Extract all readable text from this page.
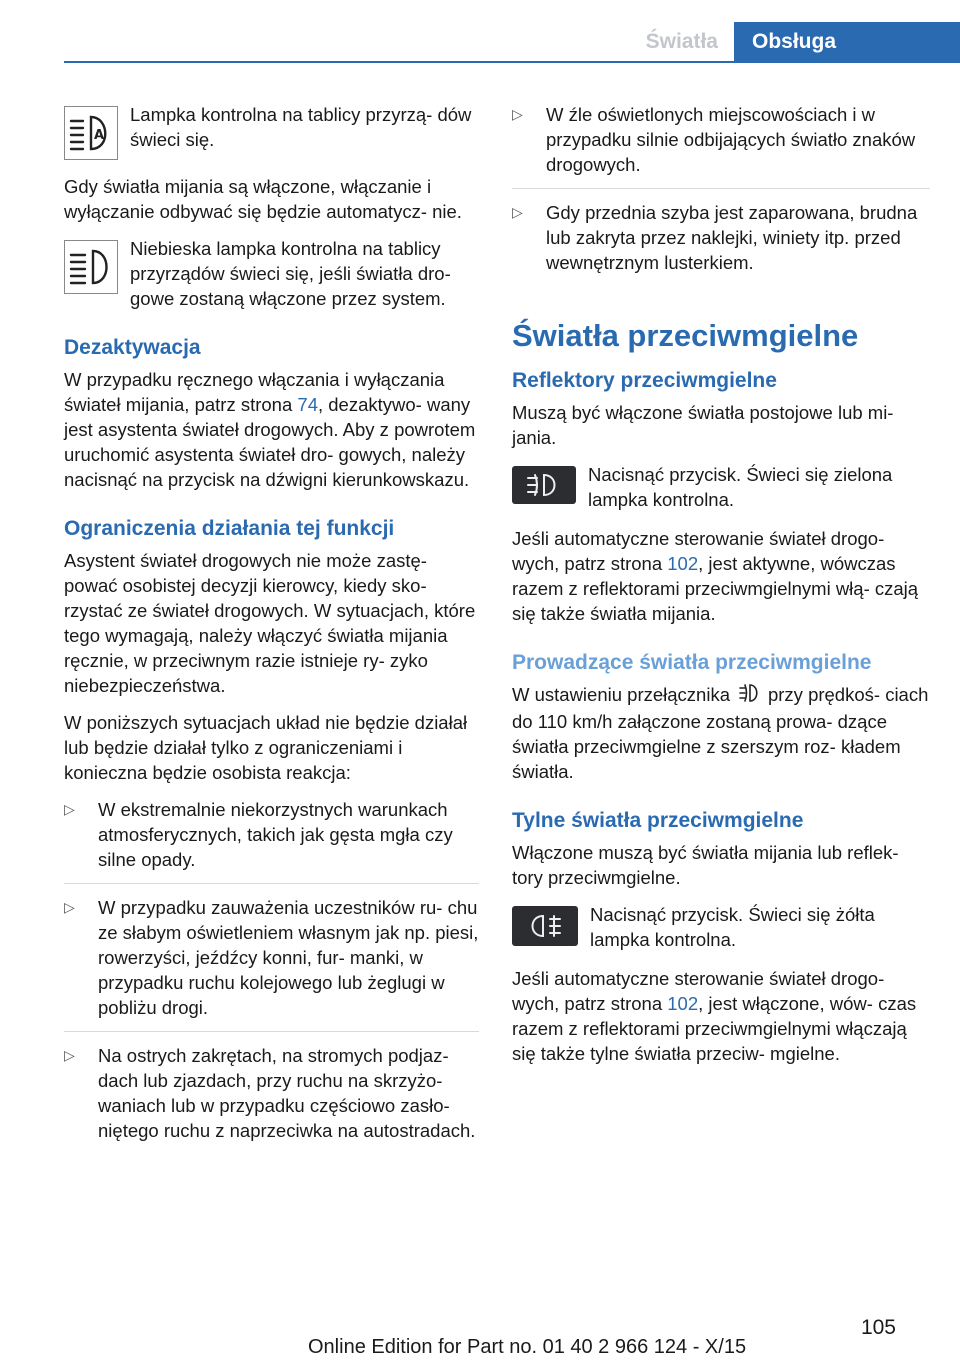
Światła	Obsługa
A

Lampka kontrolna na tablicy przyrzą‐ dów świeci się.

Gdy światła mijania są włączone, włączanie i wyłączanie odbywać się będzie automatycz‐ nie.

Niebieska lampka kontrolna na tablicy przyrządów świeci się, jeśli światła dro‐ gowe zostaną włączone przez system.

Dezaktywacja

W przypadku ręcznego włączania i wyłączania świateł mijania, patrz strona 74, dezaktywo‐ wany jest asystenta świateł drogowych. Aby z powrotem uruchomić asystenta świateł dro‐ gowych, należy nacisnąć na przycisk na dźwigni kierunkowskazu.

Ograniczenia działania tej funkcji

Asystent świateł drogowych nie może zastę‐ pować osobistej decyzji kierowcy, kiedy sko‐ rzystać ze świateł drogowych. W sytuacjach, które tego wymagają, należy włączyć światła mijania ręcznie, w przeciwnym razie istnieje ry‐ zyko niebezpieczeństwa.

W poniższych sytuacjach układ nie będzie działał lub będzie działał tylko z ograniczeniami i konieczna będzie osobista reakcja:

▷ W ekstremalnie niekorzystnych warunkach atmosferycznych, takich jak gęsta mgła czy silne opady.
▷ W przypadku zauważenia uczestników ru‐ chu ze słabym oświetleniem własnym jak np. piesi, rowerzyści, jeźdźcy konni, fur‐ manki, w przypadku ruchu kolejowego lub żeglugi w pobliżu drogi.
▷ Na ostrych zakrętach, na stromych podjaz‐ dach lub zjazdach, przy ruchu na skrzyżo‐ waniach lub w przypadku częściowo zasło‐ niętego ruchu z naprzeciwka na autostradach.
▷ W źle oświetlonych miejscowościach i w przypadku silnie odbijających światło znaków drogowych.
▷ Gdy przednia szyba jest zaparowana, brudna lub zakryta przez naklejki, winiety itp. przed wewnętrznym lusterkiem.
Światła przeciwmgielne
Reflektory przeciwmgielne

Muszą być włączone światła postojowe lub mi‐ jania.

Nacisnąć przycisk. Świeci się zielona lampka kontrolna.

Jeśli automatyczne sterowanie świateł drogo‐ wych, patrz strona 102, jest aktywne, wówczas razem z reflektorami przeciwmgielnymi włą‐ czają się także światła mijania.

Prowadzące światła przeciwmgielne

W ustawieniu przełącznika przy prędkoś‐ ciach do 110 km/h załączone zostaną prowa‐ dzące światła przeciwmgielne z szerszym roz‐ kładem światła.

Tylne światła przeciwmgielne

Włączone muszą być światła mijania lub reflek‐ tory przeciwmgielne.

Nacisnąć przycisk. Świeci się żółta lampka kontrolna.

Jeśli automatyczne sterowanie świateł drogo‐ wych, patrz strona 102, jest włączone, wów‐ czas razem z reflektorami przeciwmgielnymi włączają się także tylne światła przeciw‐ mgielne.

105
Online Edition for Part no. 01 40 2 966 124 - X/15
